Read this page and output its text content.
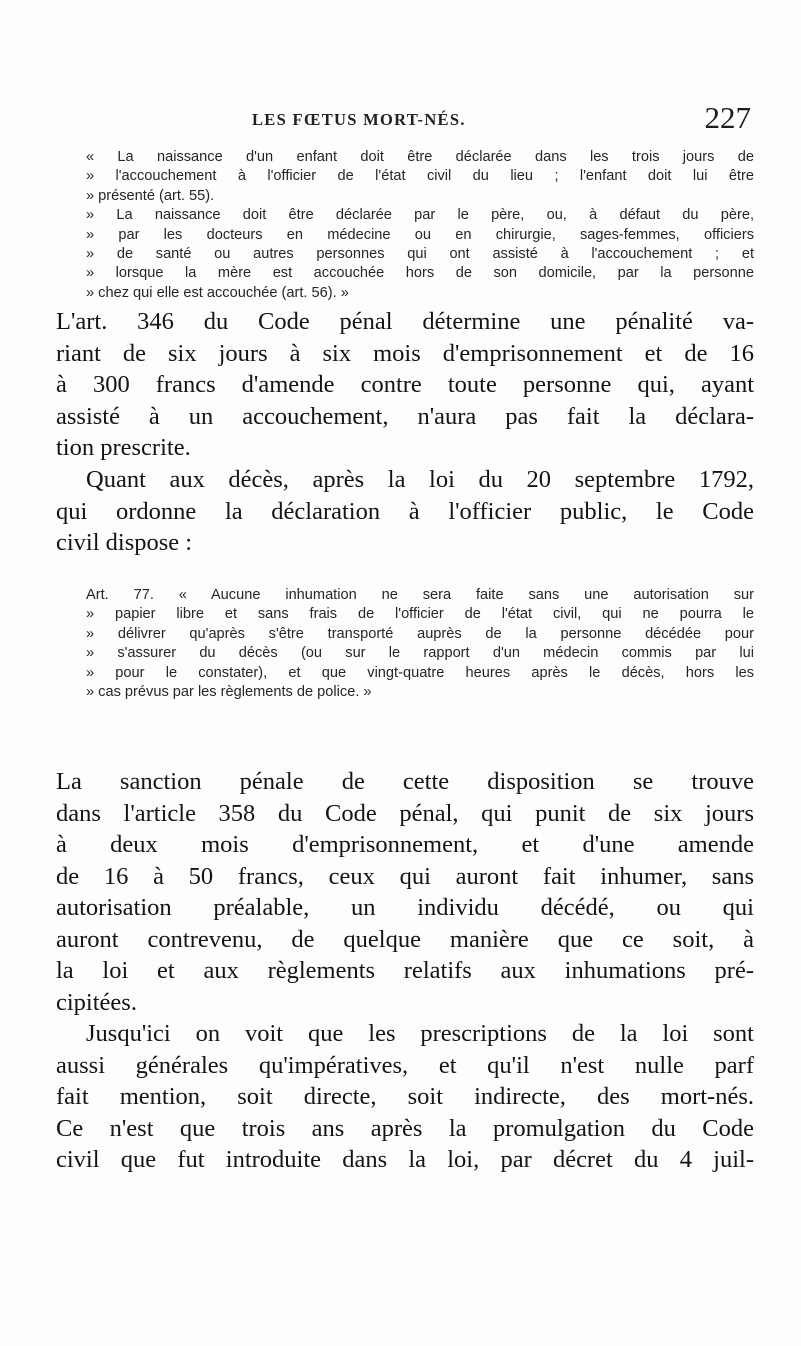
LES FŒTUS MORT-NÉS.	227
« La naissance d'un enfant doit être déclarée dans les trois jours de
» l'accouchement à l'officier de l'état civil du lieu ; l'enfant doit lui être
» présenté (art. 55).
» La naissance doit être déclarée par le père, ou, à défaut du père,
» par les docteurs en médecine ou en chirurgie, sages-femmes, officiers
» de santé ou autres personnes qui ont assisté à l'accouchement ; et
» lorsque la mère est accouchée hors de son domicile, par la personne
» chez qui elle est accouchée (art. 56). »
L'art. 346 du Code pénal détermine une pénalité va-
riant de six jours à six mois d'emprisonnement et de 16
à 300 francs d'amende contre toute personne qui, ayant
assisté à un accouchement, n'aura pas fait la déclara-
tion prescrite.
Quant aux décès, après la loi du 20 septembre 1792,
qui ordonne la déclaration à l'officier public, le Code
civil dispose :
Art. 77. « Aucune inhumation ne sera faite sans une autorisation sur
» papier libre et sans frais de l'officier de l'état civil, qui ne pourra le
» délivrer qu'après s'être transporté auprès de la personne décédée pour
» s'assurer du décès (ou sur le rapport d'un médecin commis par lui
» pour le constater), et que vingt-quatre heures après le décès, hors les
» cas prévus par les règlements de police. »
La sanction pénale de cette disposition se trouve
dans l'article 358 du Code pénal, qui punit de six jours
à deux mois d'emprisonnement, et d'une amende
de 16 à 50 francs, ceux qui auront fait inhumer, sans
autorisation préalable, un individu décédé, ou qui
auront contrevenu, de quelque manière que ce soit, à
la loi et aux règlements relatifs aux inhumations pré-
cipitées.
Jusqu'ici on voit que les prescriptions de la loi sont
aussi générales qu'impératives, et qu'il n'est nulle parf
fait mention, soit directe, soit indirecte, des mort-nés.
Ce n'est que trois ans après la promulgation du Code
civil que fut introduite dans la loi, par décret du 4 juil-
